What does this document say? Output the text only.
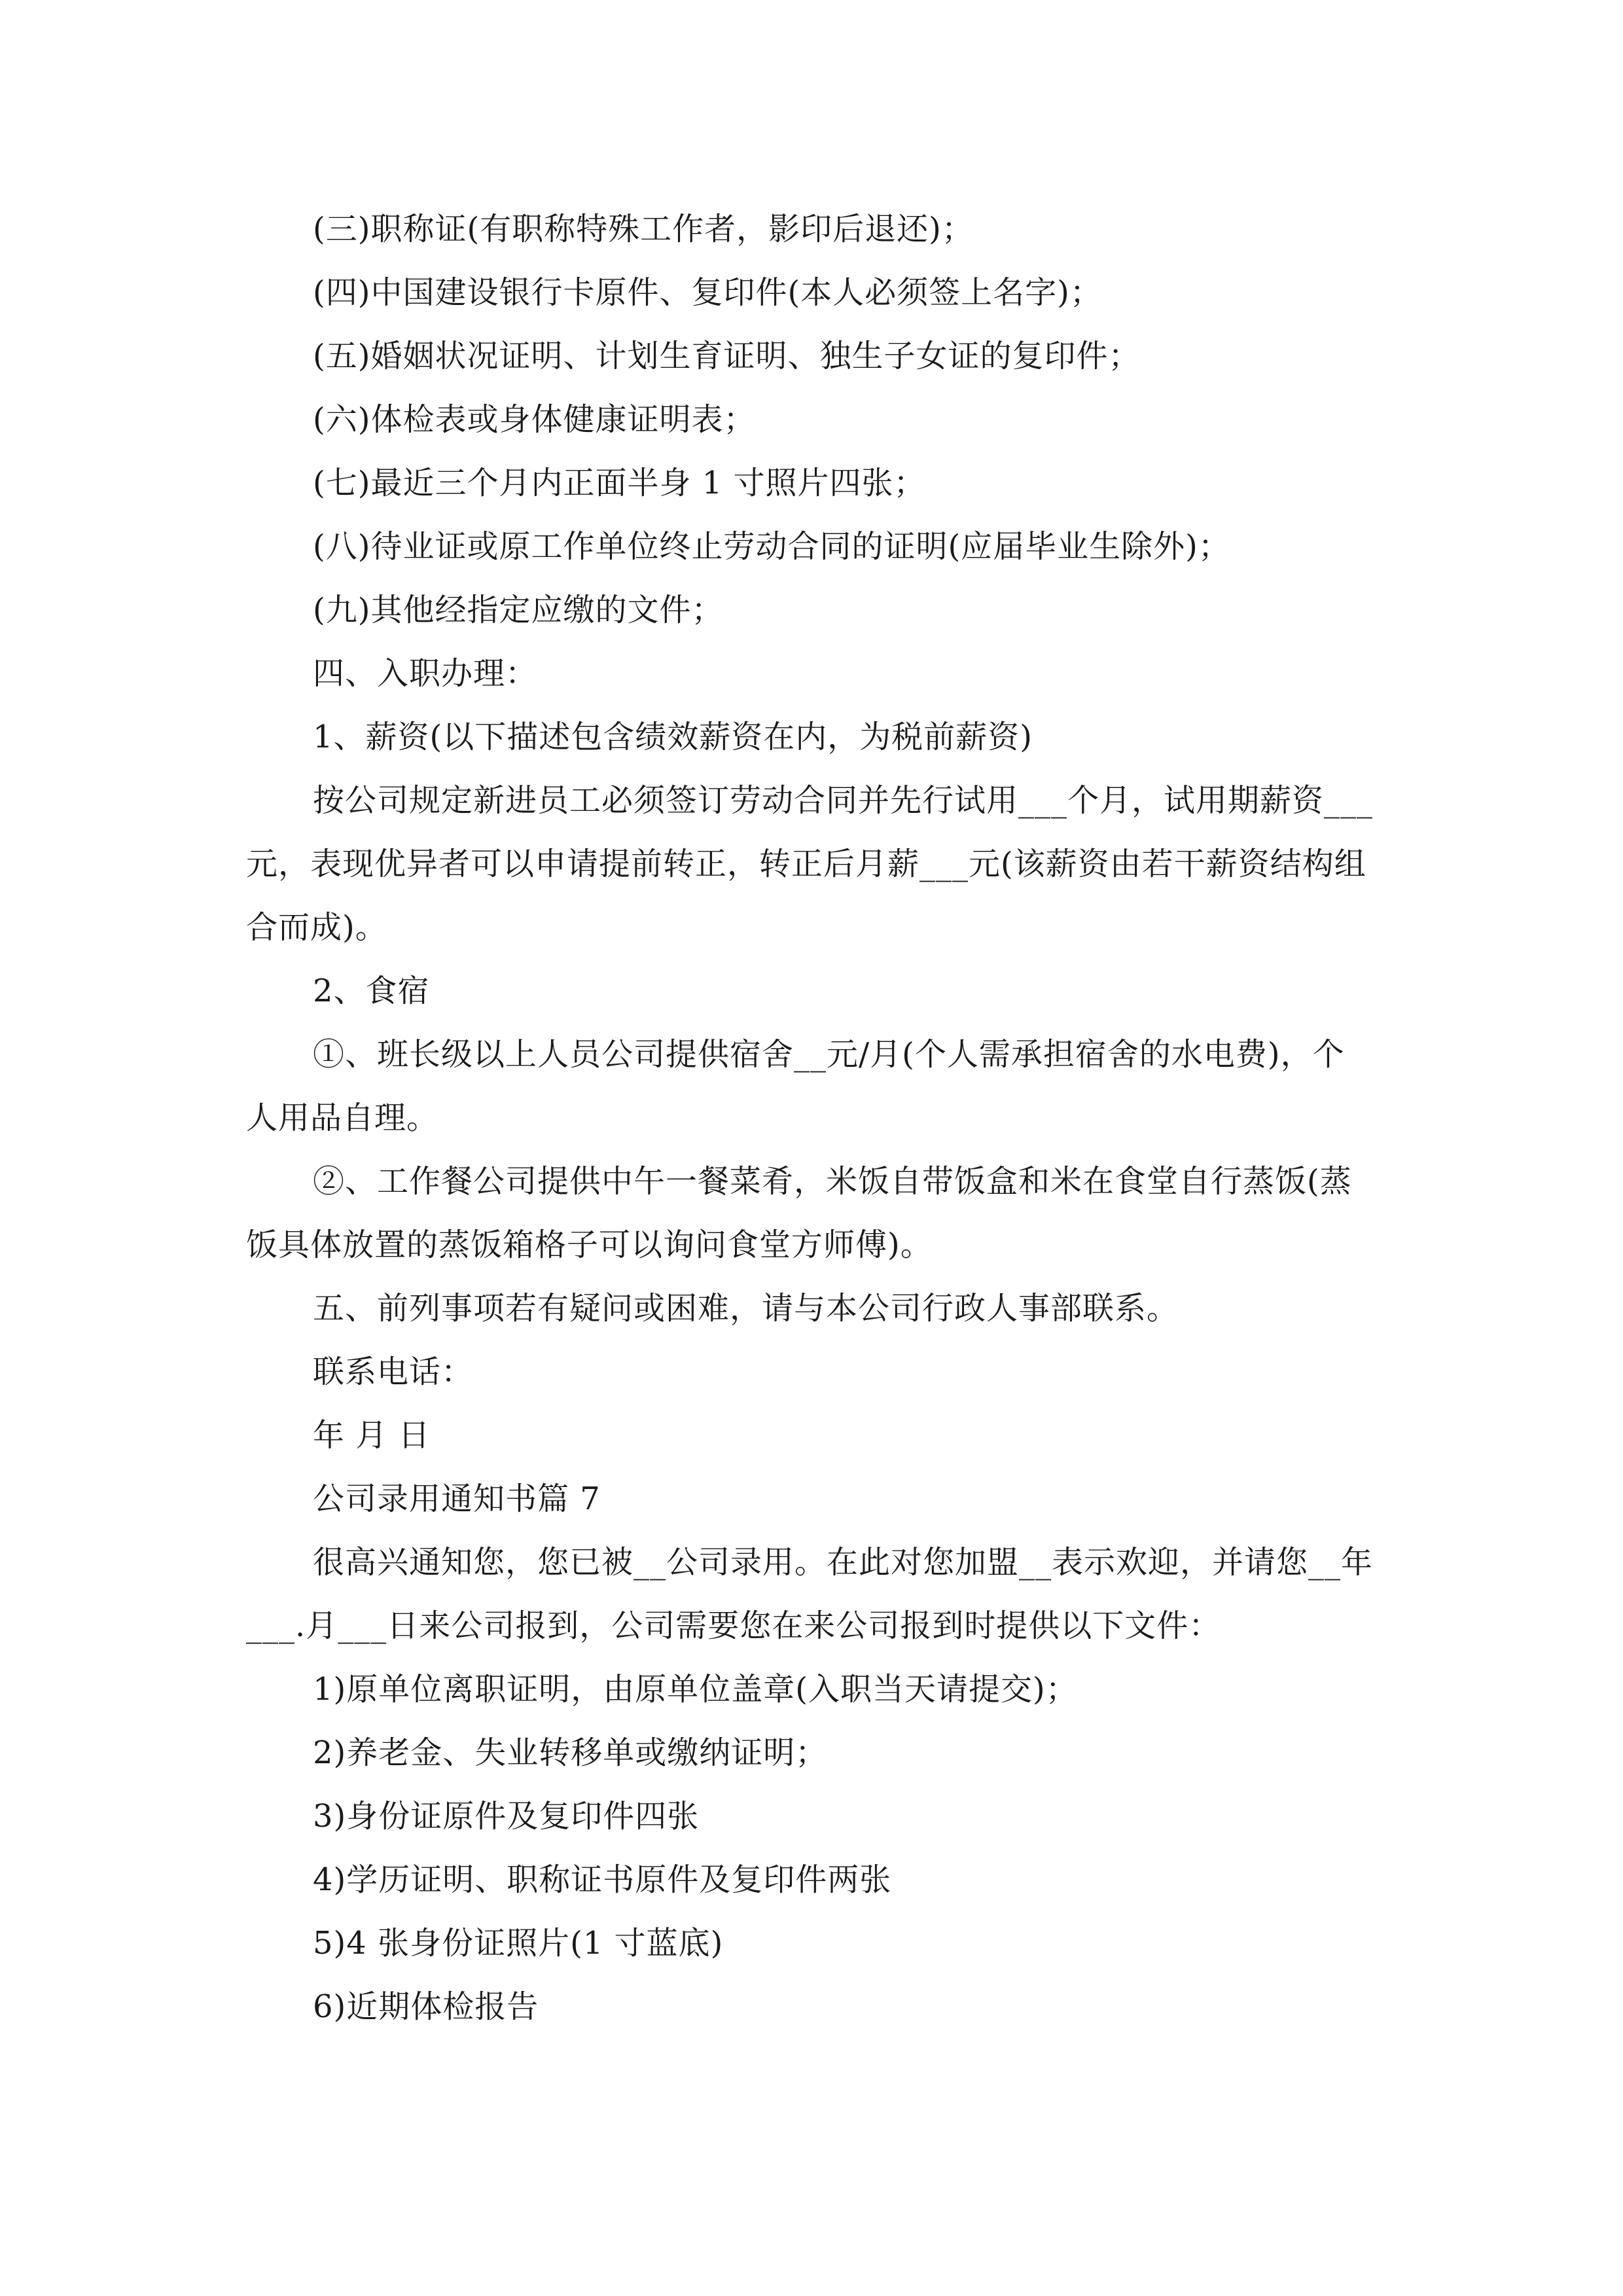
(三)职称证(有职称特殊工作者，影印后退还)；
(四)中国建设银行卡原件、复印件(本人必须签上名字)；
(五)婚姻状况证明、计划生育证明、独生子女证的复印件；
(六)体检表或身体健康证明表；
(七)最近三个月内正面半身 1 寸照片四张；
(八)待业证或原工作单位终止劳动合同的证明(应届毕业生除外)；
(九)其他经指定应缴的文件；
四、入职办理：
1、薪资(以下描述包含绩效薪资在内，为税前薪资)
按公司规定新进员工必须签订劳动合同并先行试用___个月，试用期薪资___
元，表现优异者可以申请提前转正，转正后月薪___元(该薪资由若干薪资结构组
合而成)。
2、食宿
①、班长级以上人员公司提供宿舍__元/月(个人需承担宿舍的水电费)，个
人用品自理。
②、工作餐公司提供中午一餐菜肴，米饭自带饭盒和米在食堂自行蒸饭(蒸
饭具体放置的蒸饭箱格子可以询问食堂方师傅)。
五、前列事项若有疑问或困难，请与本公司行政人事部联系。
联系电话：
年 月 日
公司录用通知书篇 7
很高兴通知您，您已被__公司录用。在此对您加盟__表示欢迎，并请您__年
___.月___日来公司报到，公司需要您在来公司报到时提供以下文件：
1)原单位离职证明，由原单位盖章(入职当天请提交)；
2)养老金、失业转移单或缴纳证明；
3)身份证原件及复印件四张
4)学历证明、职称证书原件及复印件两张
5)4 张身份证照片(1 寸蓝底)
6)近期体检报告
